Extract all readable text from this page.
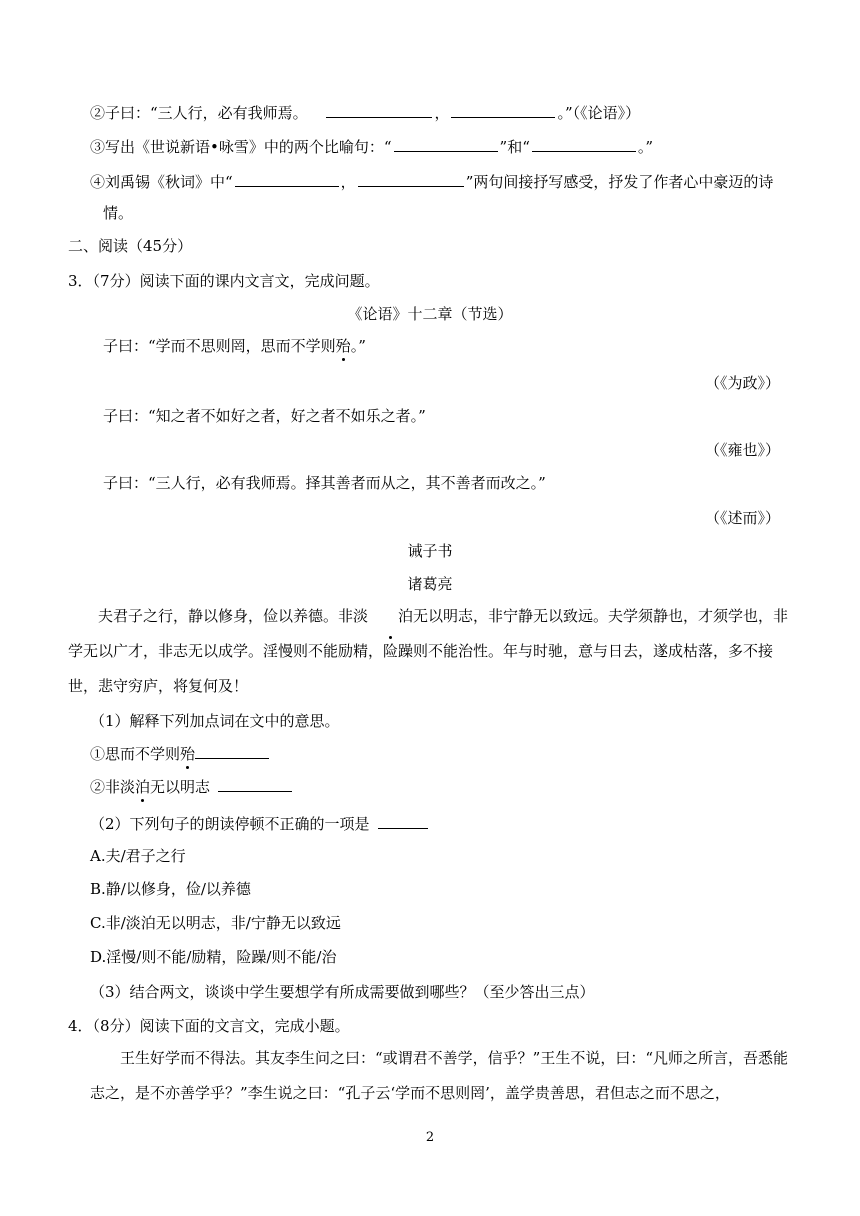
②子曰：“三人行，必有我师焉。	，	。”（《论语》）
③写出《世说新语•咏雪》中的两个比喻句：“	”和“	。”
④刘禹锡《秋词》中“	，	”两句间接抒写感受，抒发了作者心中豪迈的诗
情。
二、阅读（45分）
3．（7分）阅读下面的课内文言文，完成问题。
《论语》十二章（节选）
子曰：“学而不思则罔，思而不学则殆。”
（《为政》）
子曰：“知之者不如好之者，好之者不如乐之者。”
（《雍也》）
子曰：“三人行，必有我师焉。择其善者而从之，其不善者而改之。”
（《述而》）
诫子书
诸葛亮
夫君子之行，静以修身，俭以养德。非淡 泊无以明志，非宁静无以致远。夫学须静也，才须学也，非学无以广才，非志无以成学。淫慢则不能励精，险躁则不能治性。年与时驰，意与日去，遂成枯落，多不接世，悲守穷庐，将复何及！
（1）解释下列加点词在文中的意思。
①思而不学则殆
②非淡泊无以明志
（2）下列句子的朗读停顿不正确的一项是
A.夫/君子之行
B.静/以修身，俭/以养德
C.非/淡泊无以明志，非/宁静无以致远
D.淫慢/则不能/励精，险躁/则不能/治
（3）结合两文，谈谈中学生要想学有所成需要做到哪些？（至少答出三点）
4．（8分）阅读下面的文言文，完成小题。
王生好学而不得法。其友李生问之曰：“或谓君不善学，信乎？”王生不说，曰：“凡师之所言，吾悉能志之，是不亦善学乎？”李生说之曰：“孔子云‘学而不思则罔’，盖学贵善思，君但志之而不思之，
2
